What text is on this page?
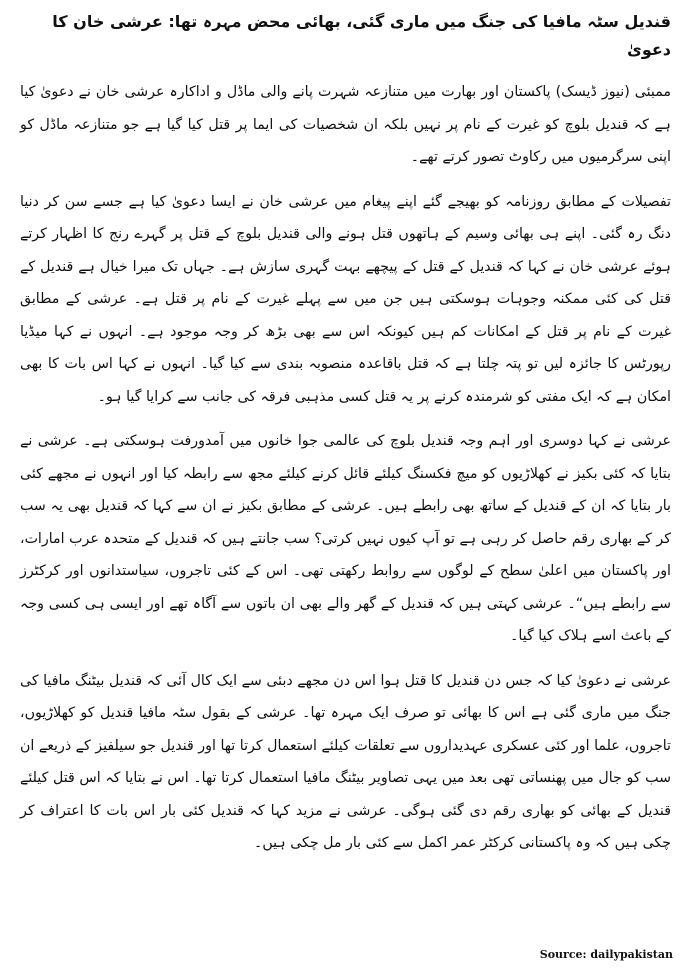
قندیل سٹہ مافیا کی جنگ میں ماری گئی، بھائی محض مہرہ تھا: عرشی خان کا دعویٰ

ممبئی (نیوز ڈیسک) پاکستان اور بھارت میں متنازعہ شہرت پانے والی ماڈل و اداکارہ عرشی خان نے دعویٰ کیا ہے کہ قندیل بلوچ کو غیرت کے نام پر نہیں بلکہ ان شخصیات کی ایما پر قتل کیا گیا ہے جو متنازعہ ماڈل کو اپنی سرگرمیوں میں رکاوٹ تصور کرتے تھے۔

تفصیلات کے مطابق روزنامہ کو بھیجے گئے اپنے پیغام میں عرشی خان نے ایسا دعویٰ کیا ہے جسے سن کر دنیا دنگ رہ گئی۔ اپنے ہی بھائی وسیم کے ہاتھوں قتل ہونے والی قندیل بلوچ کے قتل پر گہرے رنج کا اظہار کرتے ہوئے عرشی خان نے کہا کہ قندیل کے قتل کے پیچھے بہت گہری سازش ہے۔ جہاں تک میرا خیال ہے قندیل کے قتل کی کئی ممکنہ وجوہات ہوسکتی ہیں جن میں سے پہلے غیرت کے نام پر قتل ہے۔ عرشی کے مطابق غیرت کے نام پر قتل کے امکانات کم ہیں کیونکہ اس سے بھی بڑھ کر وجہ موجود ہے۔ انہوں نے کہا میڈیا رپورٹس کا جائزہ لیں تو پتہ چلتا ہے کہ قتل باقاعدہ منصوبہ بندی سے کیا گیا۔ انہوں نے کہا اس بات کا بھی امکان ہے کہ ایک مفتی کو شرمندہ کرنے پر یہ قتل کسی مذہبی فرقہ کی جانب سے کرایا گیا ہو۔

عرشی نے کہا دوسری اور اہم وجہ قندیل بلوچ کی عالمی جوا خانوں میں آمدورفت ہوسکتی ہے۔ عرشی نے بتایا کہ کئی بکیز نے کھلاڑیوں کو میچ فکسنگ کیلئے قائل کرنے کیلئے مجھ سے رابطہ کیا اور انہوں نے مجھے کئی بار بتایا کہ ان کے قندیل کے ساتھ بھی رابطے ہیں۔ عرشی کے مطابق بکیز نے ان سے کہا کہ قندیل بھی یہ سب کر کے بھاری رقم حاصل کر رہی ہے تو آپ کیوں نہیں کرتی؟ سب جانتے ہیں کہ قندیل کے متحدہ عرب امارات، اور پاکستان میں اعلیٰ سطح کے لوگوں سے روابط رکھتی تھی۔ اس کے کئی تاجروں، سیاستدانوں اور کرکٹرز سے رابطے ہیں“۔ عرشی کہتی ہیں کہ قندیل کے گھر والے بھی ان باتوں سے آگاہ تھے اور ایسی ہی کسی وجہ کے باعث اسے ہلاک کیا گیا۔

عرشی نے دعویٰ کیا کہ جس دن قندیل کا قتل ہوا اس دن مجھے دبئی سے ایک کال آئی کہ قندیل بیٹنگ مافیا کی جنگ میں ماری گئی ہے اس کا بھائی تو صرف ایک مہرہ تھا۔ عرشی کے بقول سٹہ مافیا قندیل کو کھلاڑیوں، تاجروں، علما اور کئی عسکری عہدیداروں سے تعلقات کیلئے استعمال کرتا تھا اور قندیل جو سیلفیز کے ذریعے ان سب کو جال میں پھنساتی تھی بعد میں یہی تصاویر بیٹنگ مافیا استعمال کرتا تھا۔ اس نے بتایا کہ اس قتل کیلئے قندیل کے بھائی کو بھاری رقم دی گئی ہوگی۔ عرشی نے مزید کہا کہ قندیل کئی بار اس بات کا اعتراف کر چکی ہیں کہ وہ پاکستانی کرکٹر عمر اکمل سے کئی بار مل چکی ہیں۔

Source: dailypakistan
